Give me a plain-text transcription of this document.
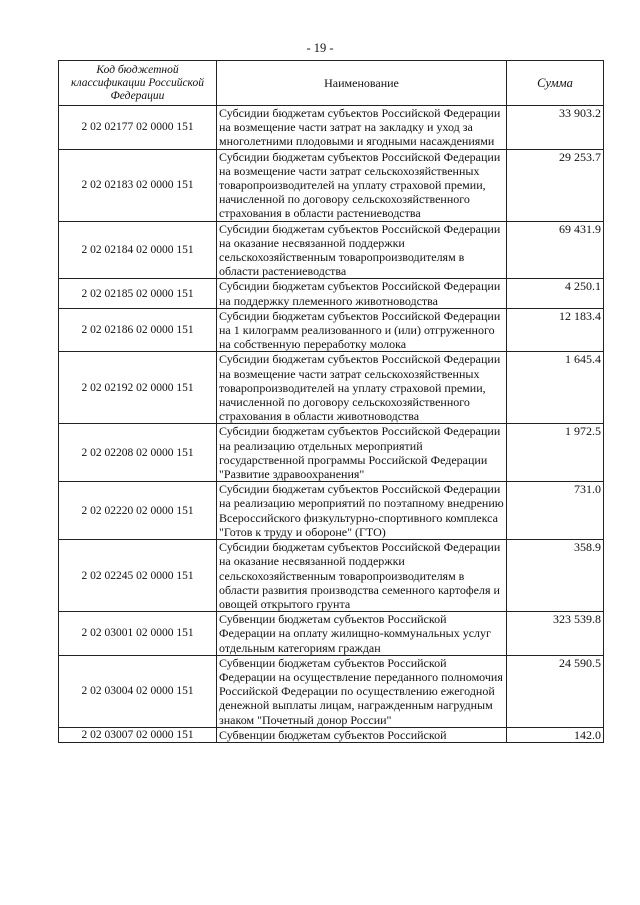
- 19 -
Код бюджетной классификации Российской Федерации	Наименование	Сумма
2 02 02177 02 0000 151	Субсидии бюджетам субъектов Российской Федерации на возмещение части затрат на закладку и уход за многолетними плодовыми и ягодными насаждениями	33 903.2
2 02 02183 02 0000 151	Субсидии бюджетам субъектов Российской Федерации на возмещение части затрат сельскохозяйственных товаропроизводителей на уплату страховой премии, начисленной по договору сельскохозяйственного страхования в области растениеводства	29 253.7
2 02 02184 02 0000 151	Субсидии бюджетам субъектов Российской Федерации на оказание несвязанной поддержки сельскохозяйственным товаропроизводителям в области растениеводства	69 431.9
2 02 02185 02 0000 151	Субсидии бюджетам субъектов Российской Федерации на поддержку племенного животноводства	4 250.1
2 02 02186 02 0000 151	Субсидии бюджетам субъектов Российской Федерации на 1 килограмм реализованного и (или) отгруженного на собственную переработку молока	12 183.4
2 02 02192 02 0000 151	Субсидии бюджетам субъектов Российской Федерации на возмещение части затрат сельскохозяйственных товаропроизводителей на уплату страховой премии, начисленной по договору сельскохозяйственного страхования в области животноводства	1 645.4
2 02 02208 02 0000 151	Субсидии бюджетам субъектов Российской Федерации на реализацию отдельных мероприятий государственной программы Российской Федерации "Развитие здравоохранения"	1 972.5
2 02 02220 02 0000 151	Субсидии бюджетам субъектов Российской Федерации на реализацию мероприятий по поэтапному внедрению Всероссийского физкультурно-спортивного комплекса "Готов к труду и обороне" (ГТО)	731.0
2 02 02245 02 0000 151	Субсидии бюджетам субъектов Российской Федерации на оказание несвязанной поддержки сельскохозяйственным товаропроизводителям в области развития производства семенного картофеля и овощей открытого грунта	358.9
2 02 03001 02 0000 151	Субвенции бюджетам субъектов Российской Федерации на оплату жилищно-коммунальных услуг отдельным категориям граждан	323 539.8
2 02 03004 02 0000 151	Субвенции бюджетам субъектов Российской Федерации на осуществление переданного полномочия Российской Федерации по осуществлению ежегодной денежной выплаты лицам, награжденным нагрудным знаком "Почетный донор России"	24 590.5
2 02 03007 02 0000 151	Субвенции бюджетам субъектов Российской	142.0
